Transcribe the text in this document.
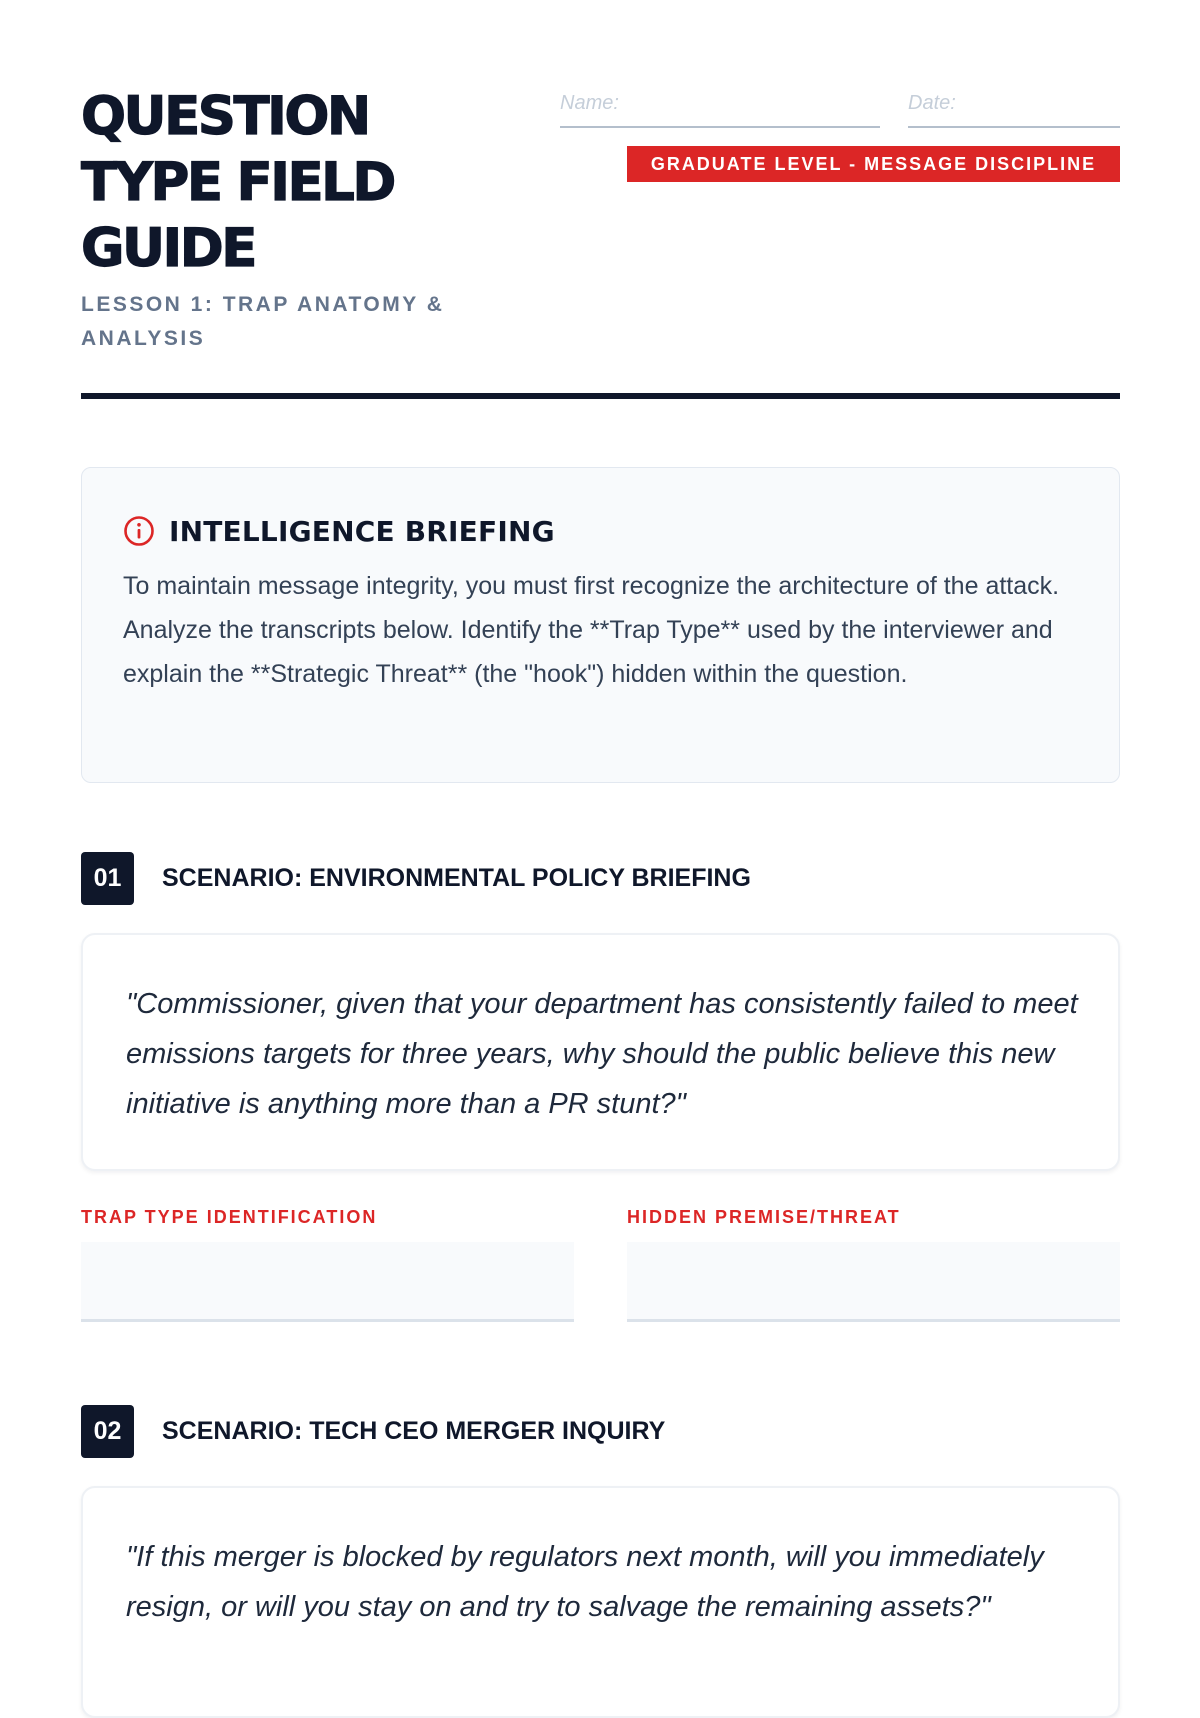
QUESTION TYPE FIELD GUIDE
LESSON 1: TRAP ANATOMY & ANALYSIS
Name:	Date:
GRADUATE LEVEL - MESSAGE DISCIPLINE
INTELLIGENCE BRIEFING

To maintain message integrity, you must first recognize the architecture of the attack. Analyze the transcripts below. Identify the **Trap Type** used by the interviewer and explain the **Strategic Threat** (the "hook") hidden within the question.

01	SCENARIO: ENVIRONMENTAL POLICY BRIEFING

"Commissioner, given that your department has consistently failed to meet emissions targets for three years, why should the public believe this new initiative is anything more than a PR stunt?"

TRAP TYPE IDENTIFICATION	HIDDEN PREMISE/THREAT
02	SCENARIO: TECH CEO MERGER INQUIRY

"If this merger is blocked by regulators next month, will you immediately resign, or will you stay on and try to salvage the remaining assets?"
